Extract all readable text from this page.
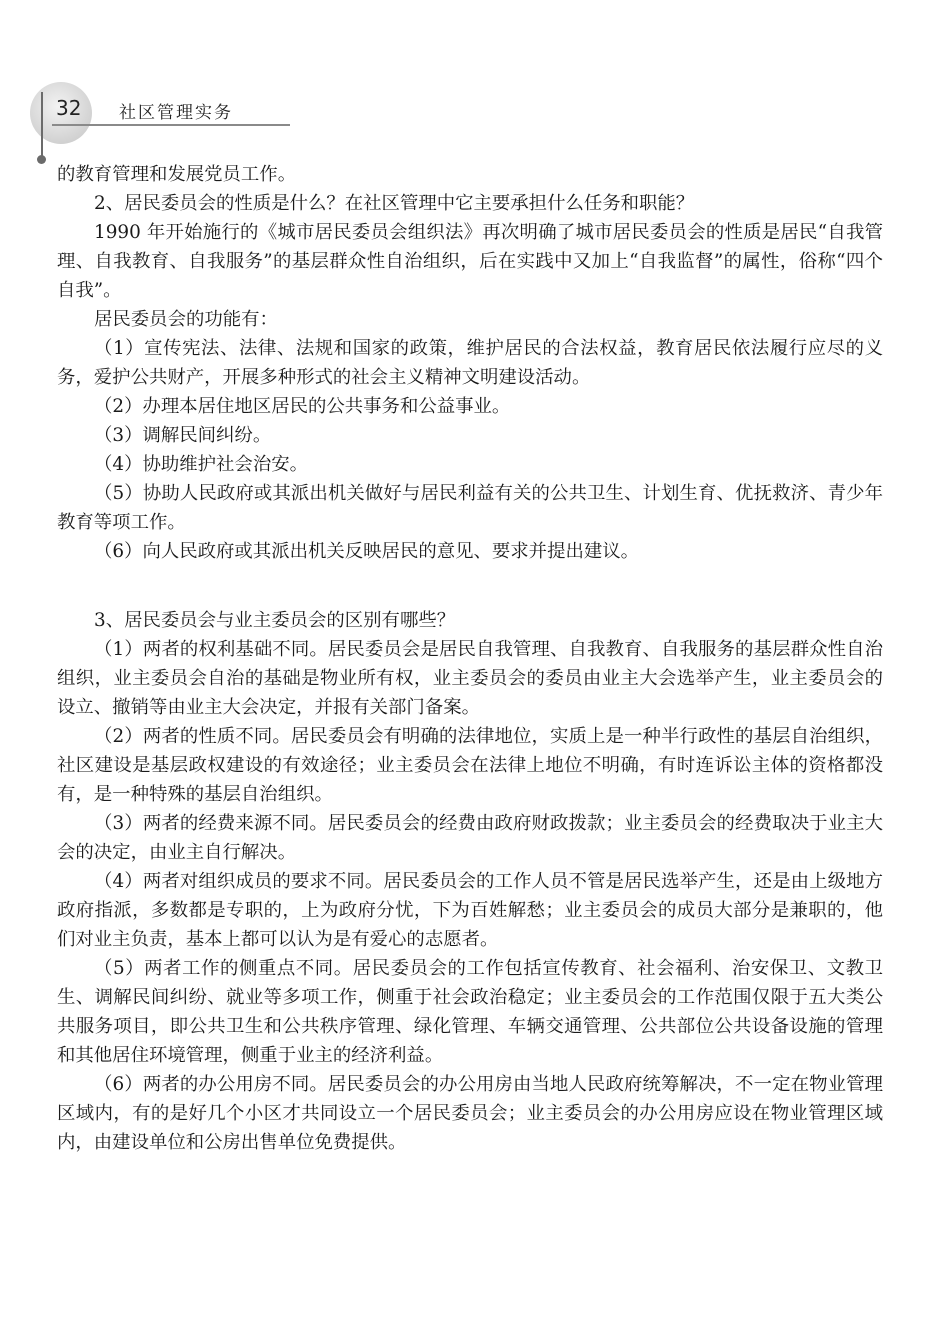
32 社区管理实务

的教育管理和发展党员工作。

2、居民委员会的性质是什么？在社区管理中它主要承担什么任务和职能？

1990 年开始施行的《城市居民委员会组织法》再次明确了城市居民委员会的性质是居民“自我管理、自我教育、自我服务”的基层群众性自治组织，后在实践中又加上“自我监督”的属性，俗称“四个自我”。

居民委员会的功能有：

（1）宣传宪法、法律、法规和国家的政策，维护居民的合法权益，教育居民依法履行应尽的义务，爱护公共财产，开展多种形式的社会主义精神文明建设活动。

（2）办理本居住地区居民的公共事务和公益事业。

（3）调解民间纠纷。

（4）协助维护社会治安。

（5）协助人民政府或其派出机关做好与居民利益有关的公共卫生、计划生育、优抚救济、青少年教育等项工作。

（6）向人民政府或其派出机关反映居民的意见、要求并提出建议。

3、居民委员会与业主委员会的区别有哪些？

（1）两者的权利基础不同。居民委员会是居民自我管理、自我教育、自我服务的基层群众性自治组织，业主委员会自治的基础是物业所有权，业主委员会的委员由业主大会选举产生，业主委员会的设立、撤销等由业主大会决定，并报有关部门备案。

（2）两者的性质不同。居民委员会有明确的法律地位，实质上是一种半行政性的基层自治组织，社区建设是基层政权建设的有效途径；业主委员会在法律上地位不明确，有时连诉讼主体的资格都没有，是一种特殊的基层自治组织。

（3）两者的经费来源不同。居民委员会的经费由政府财政拨款；业主委员会的经费取决于业主大会的决定，由业主自行解决。

（4）两者对组织成员的要求不同。居民委员会的工作人员不管是居民选举产生，还是由上级地方政府指派，多数都是专职的，上为政府分忧，下为百姓解愁；业主委员会的成员大部分是兼职的，他们对业主负责，基本上都可以认为是有爱心的志愿者。

（5）两者工作的侧重点不同。居民委员会的工作包括宣传教育、社会福利、治安保卫、文教卫生、调解民间纠纷、就业等多项工作，侧重于社会政治稳定；业主委员会的工作范围仅限于五大类公共服务项目，即公共卫生和公共秩序管理、绿化管理、车辆交通管理、公共部位公共设备设施的管理和其他居住环境管理，侧重于业主的经济利益。

（6）两者的办公用房不同。居民委员会的办公用房由当地人民政府统筹解决，不一定在物业管理区域内，有的是好几个小区才共同设立一个居民委员会；业主委员会的办公用房应设在物业管理区域内，由建设单位和公房出售单位免费提供。
